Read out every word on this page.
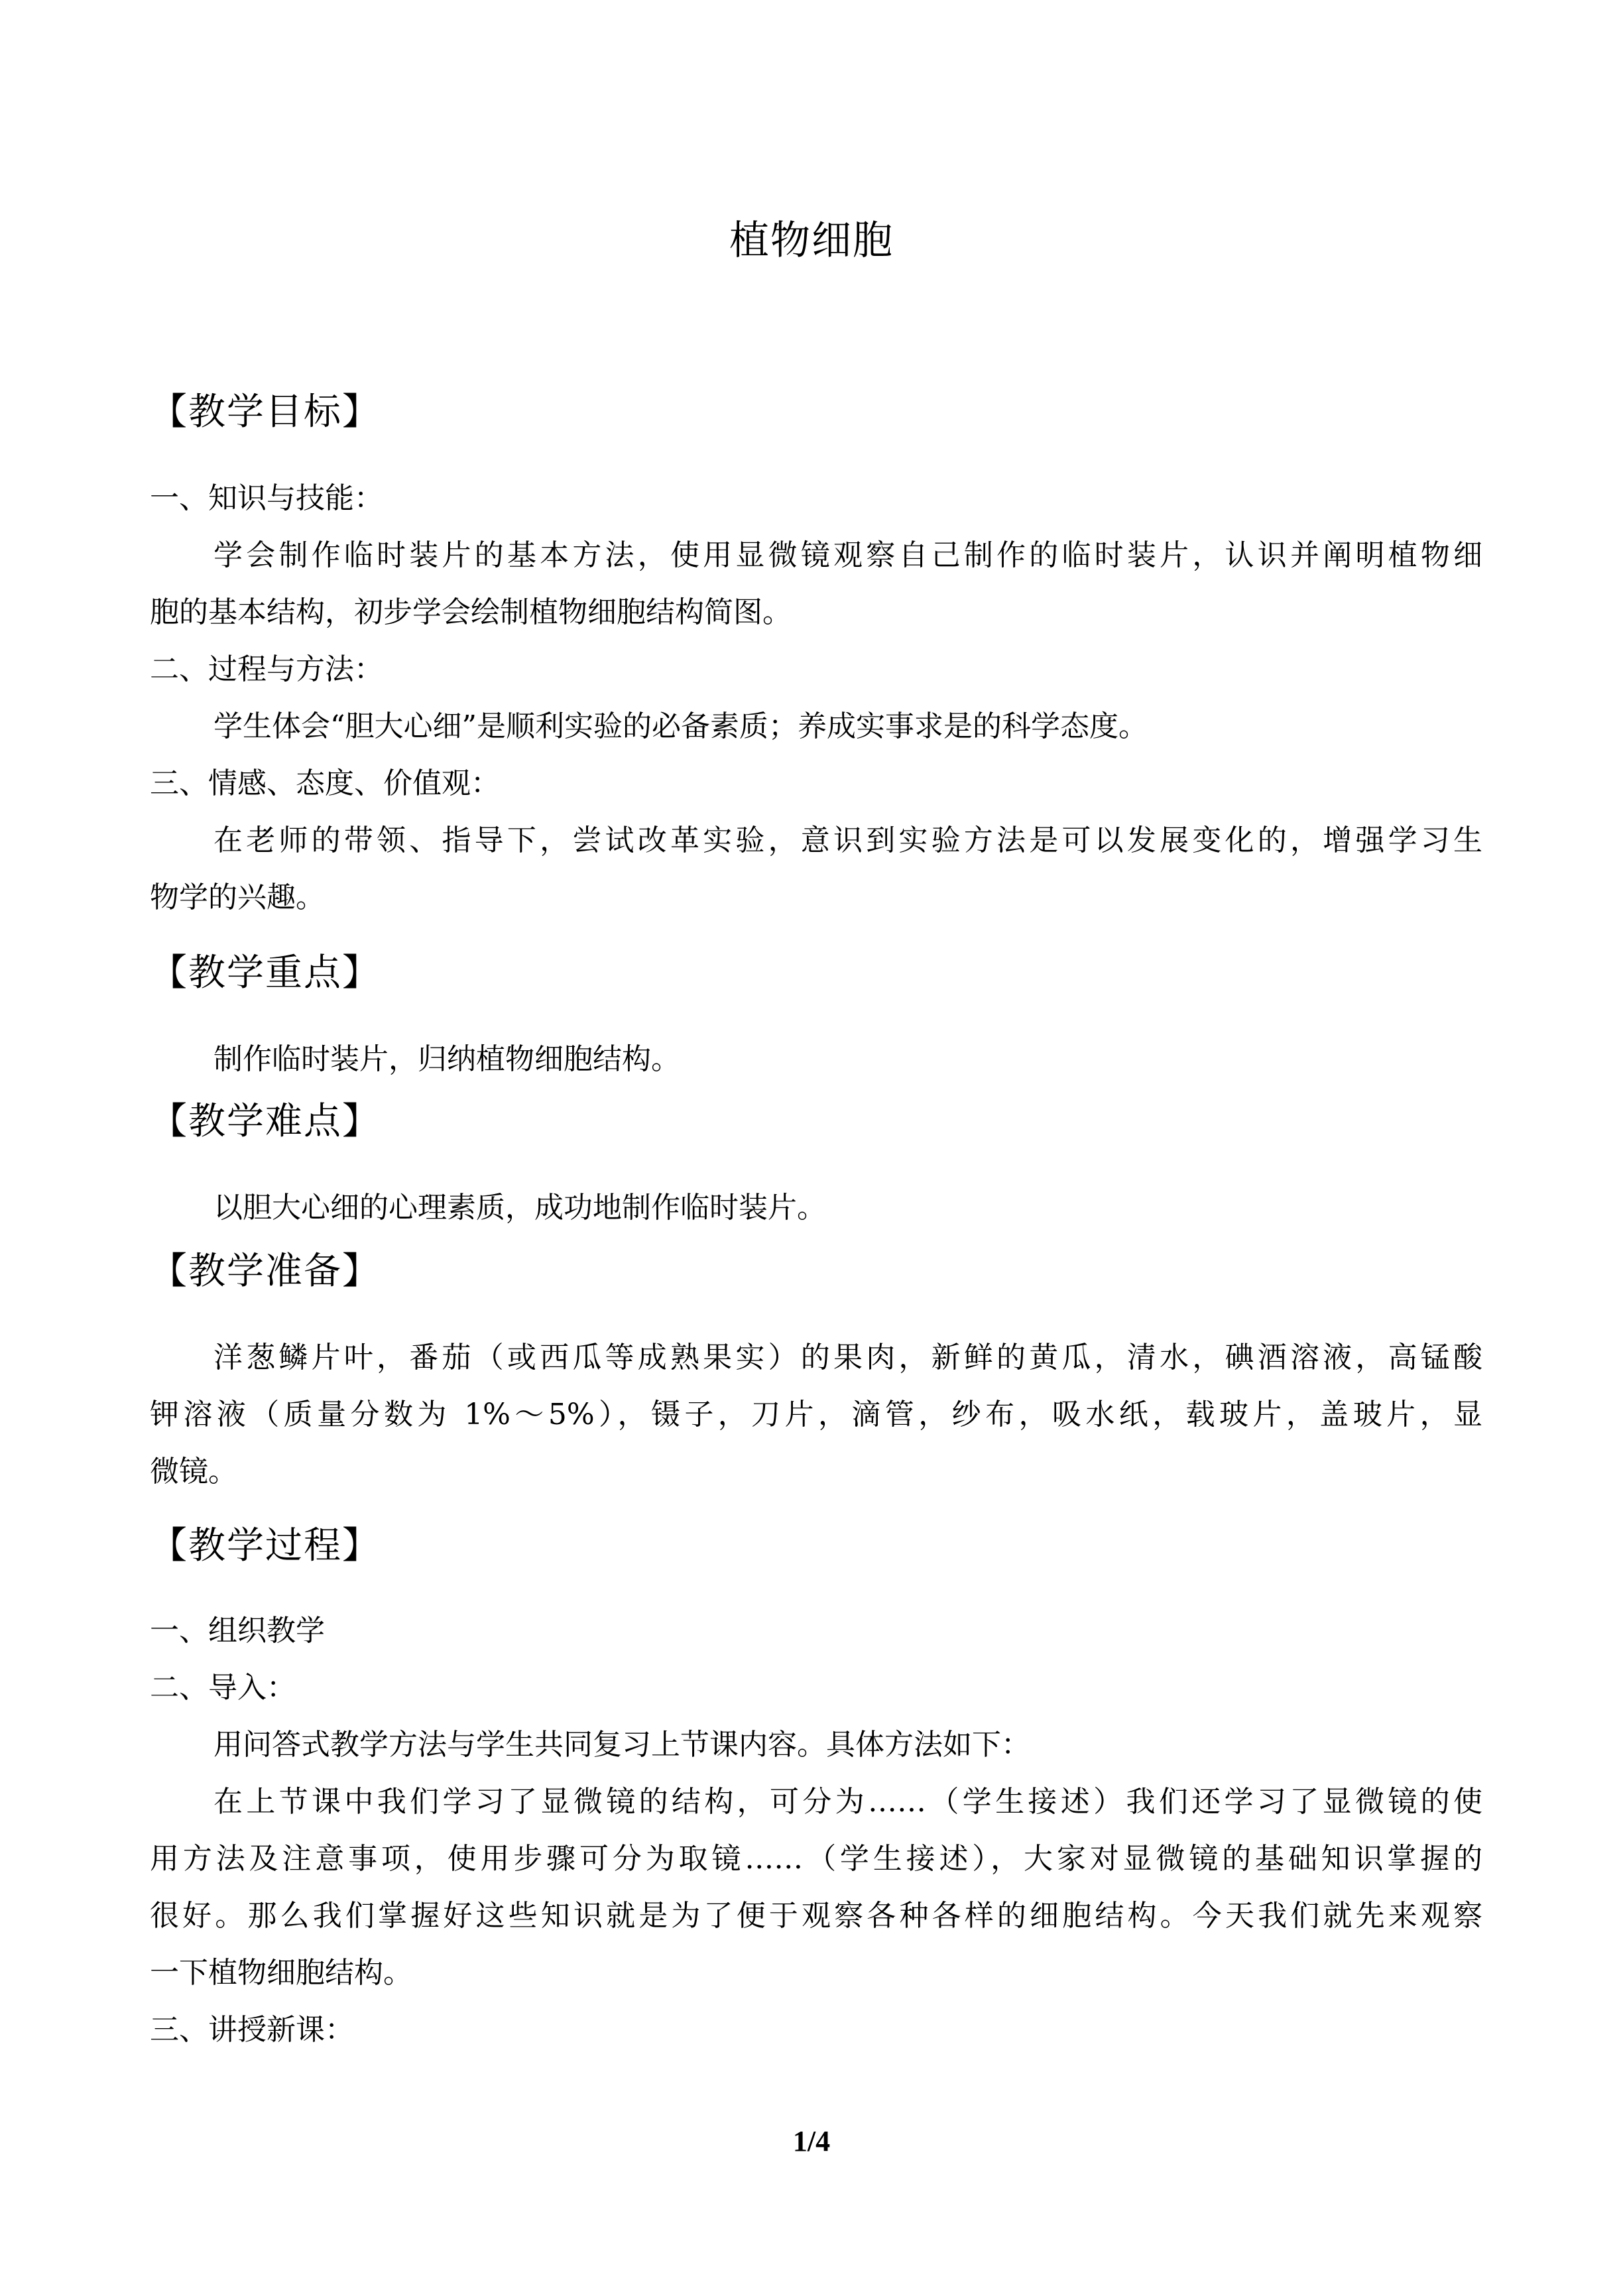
植物细胞
【教学目标】
一、知识与技能：
学会制作临时装片的基本方法，使用显微镜观察自己制作的临时装片，认识并阐明植物细
胞的基本结构，初步学会绘制植物细胞结构简图。
二、过程与方法：
学生体会“胆大心细”是顺利实验的必备素质；养成实事求是的科学态度。
三、情感、态度、价值观：
在老师的带领、指导下，尝试改革实验，意识到实验方法是可以发展变化的，增强学习生
物学的兴趣。
【教学重点】
制作临时装片，归纳植物细胞结构。
【教学难点】
以胆大心细的心理素质，成功地制作临时装片。
【教学准备】
洋葱鳞片叶，番茄（或西瓜等成熟果实）的果肉，新鲜的黄瓜，清水，碘酒溶液，高锰酸
钾溶液（质量分数为 1%～5%），镊子，刀片，滴管，纱布，吸水纸，载玻片，盖玻片，显
微镜。
【教学过程】
一、组织教学
二、导入：
用问答式教学方法与学生共同复习上节课内容。具体方法如下：
在上节课中我们学习了显微镜的结构，可分为……（学生接述）我们还学习了显微镜的使
用方法及注意事项，使用步骤可分为取镜……（学生接述），大家对显微镜的基础知识掌握的
很好。那么我们掌握好这些知识就是为了便于观察各种各样的细胞结构。今天我们就先来观察
一下植物细胞结构。
三、讲授新课：
1/4
